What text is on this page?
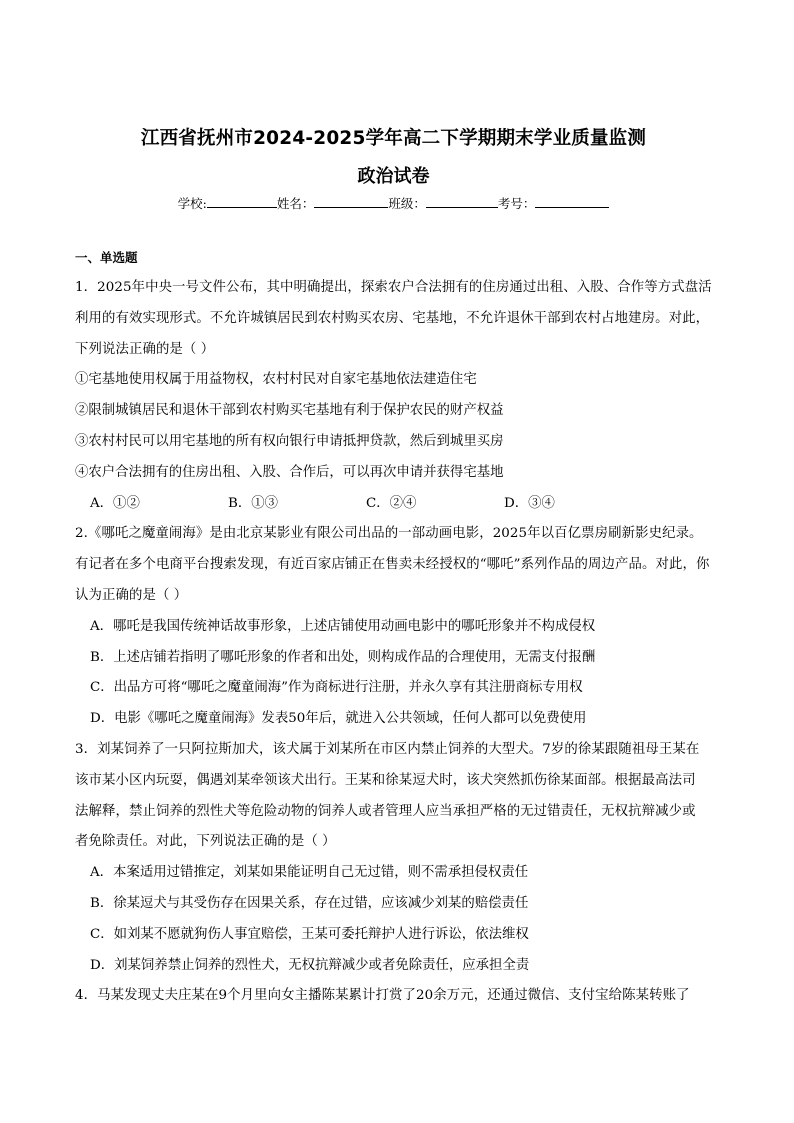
江西省抚州市2024-2025学年高二下学期期末学业质量监测
政治试卷
学校:	姓名：	班级：	考号：
一、单选题

1．2025年中央一号文件公布，其中明确提出，探索农户合法拥有的住房通过出租、入股、合作等方式盘活

利用的有效实现形式。不允许城镇居民到农村购买农房、宅基地，不允许退休干部到农村占地建房。对此，

下列说法正确的是（ ）

①宅基地使用权属于用益物权，农村村民对自家宅基地依法建造住宅

②限制城镇居民和退休干部到农村购买宅基地有利于保护农民的财产权益

③农村村民可以用宅基地的所有权向银行申请抵押贷款，然后到城里买房

④农户合法拥有的住房出租、入股、合作后，可以再次申请并获得宅基地

A．①②	B．①③	C．②④	D．③④

2.《哪吒之魔童闹海》是由北京某影业有限公司出品的一部动画电影，2025年以百亿票房刷新影史纪录。

有记者在多个电商平台搜索发现，有近百家店铺正在售卖未经授权的“哪吒”系列作品的周边产品。对此，你

认为正确的是（ ）

A．哪吒是我国传统神话故事形象，上述店铺使用动画电影中的哪吒形象并不构成侵权

B．上述店铺若指明了哪吒形象的作者和出处，则构成作品的合理使用，无需支付报酬

C．出品方可将“哪吒之魔童闹海”作为商标进行注册，并永久享有其注册商标专用权

D．电影《哪吒之魔童闹海》发表50年后，就进入公共领域，任何人都可以免费使用

3．刘某饲养了一只阿拉斯加犬，该犬属于刘某所在市区内禁止饲养的大型犬。7岁的徐某跟随祖母王某在

该市某小区内玩耍，偶遇刘某牵领该犬出行。王某和徐某逗犬时，该犬突然抓伤徐某面部。根据最高法司

法解释，禁止饲养的烈性犬等危险动物的饲养人或者管理人应当承担严格的无过错责任，无权抗辩减少或

者免除责任。对此，下列说法正确的是（ ）

A．本案适用过错推定，刘某如果能证明自己无过错，则不需承担侵权责任

B．徐某逗犬与其受伤存在因果关系，存在过错，应该减少刘某的赔偿责任

C．如刘某不愿就狗伤人事宜赔偿，王某可委托辩护人进行诉讼，依法维权

D．刘某饲养禁止饲养的烈性犬，无权抗辩减少或者免除责任，应承担全责

4．马某发现丈夫庄某在9个月里向女主播陈某累计打赏了20余万元，还通过微信、支付宝给陈某转账了
